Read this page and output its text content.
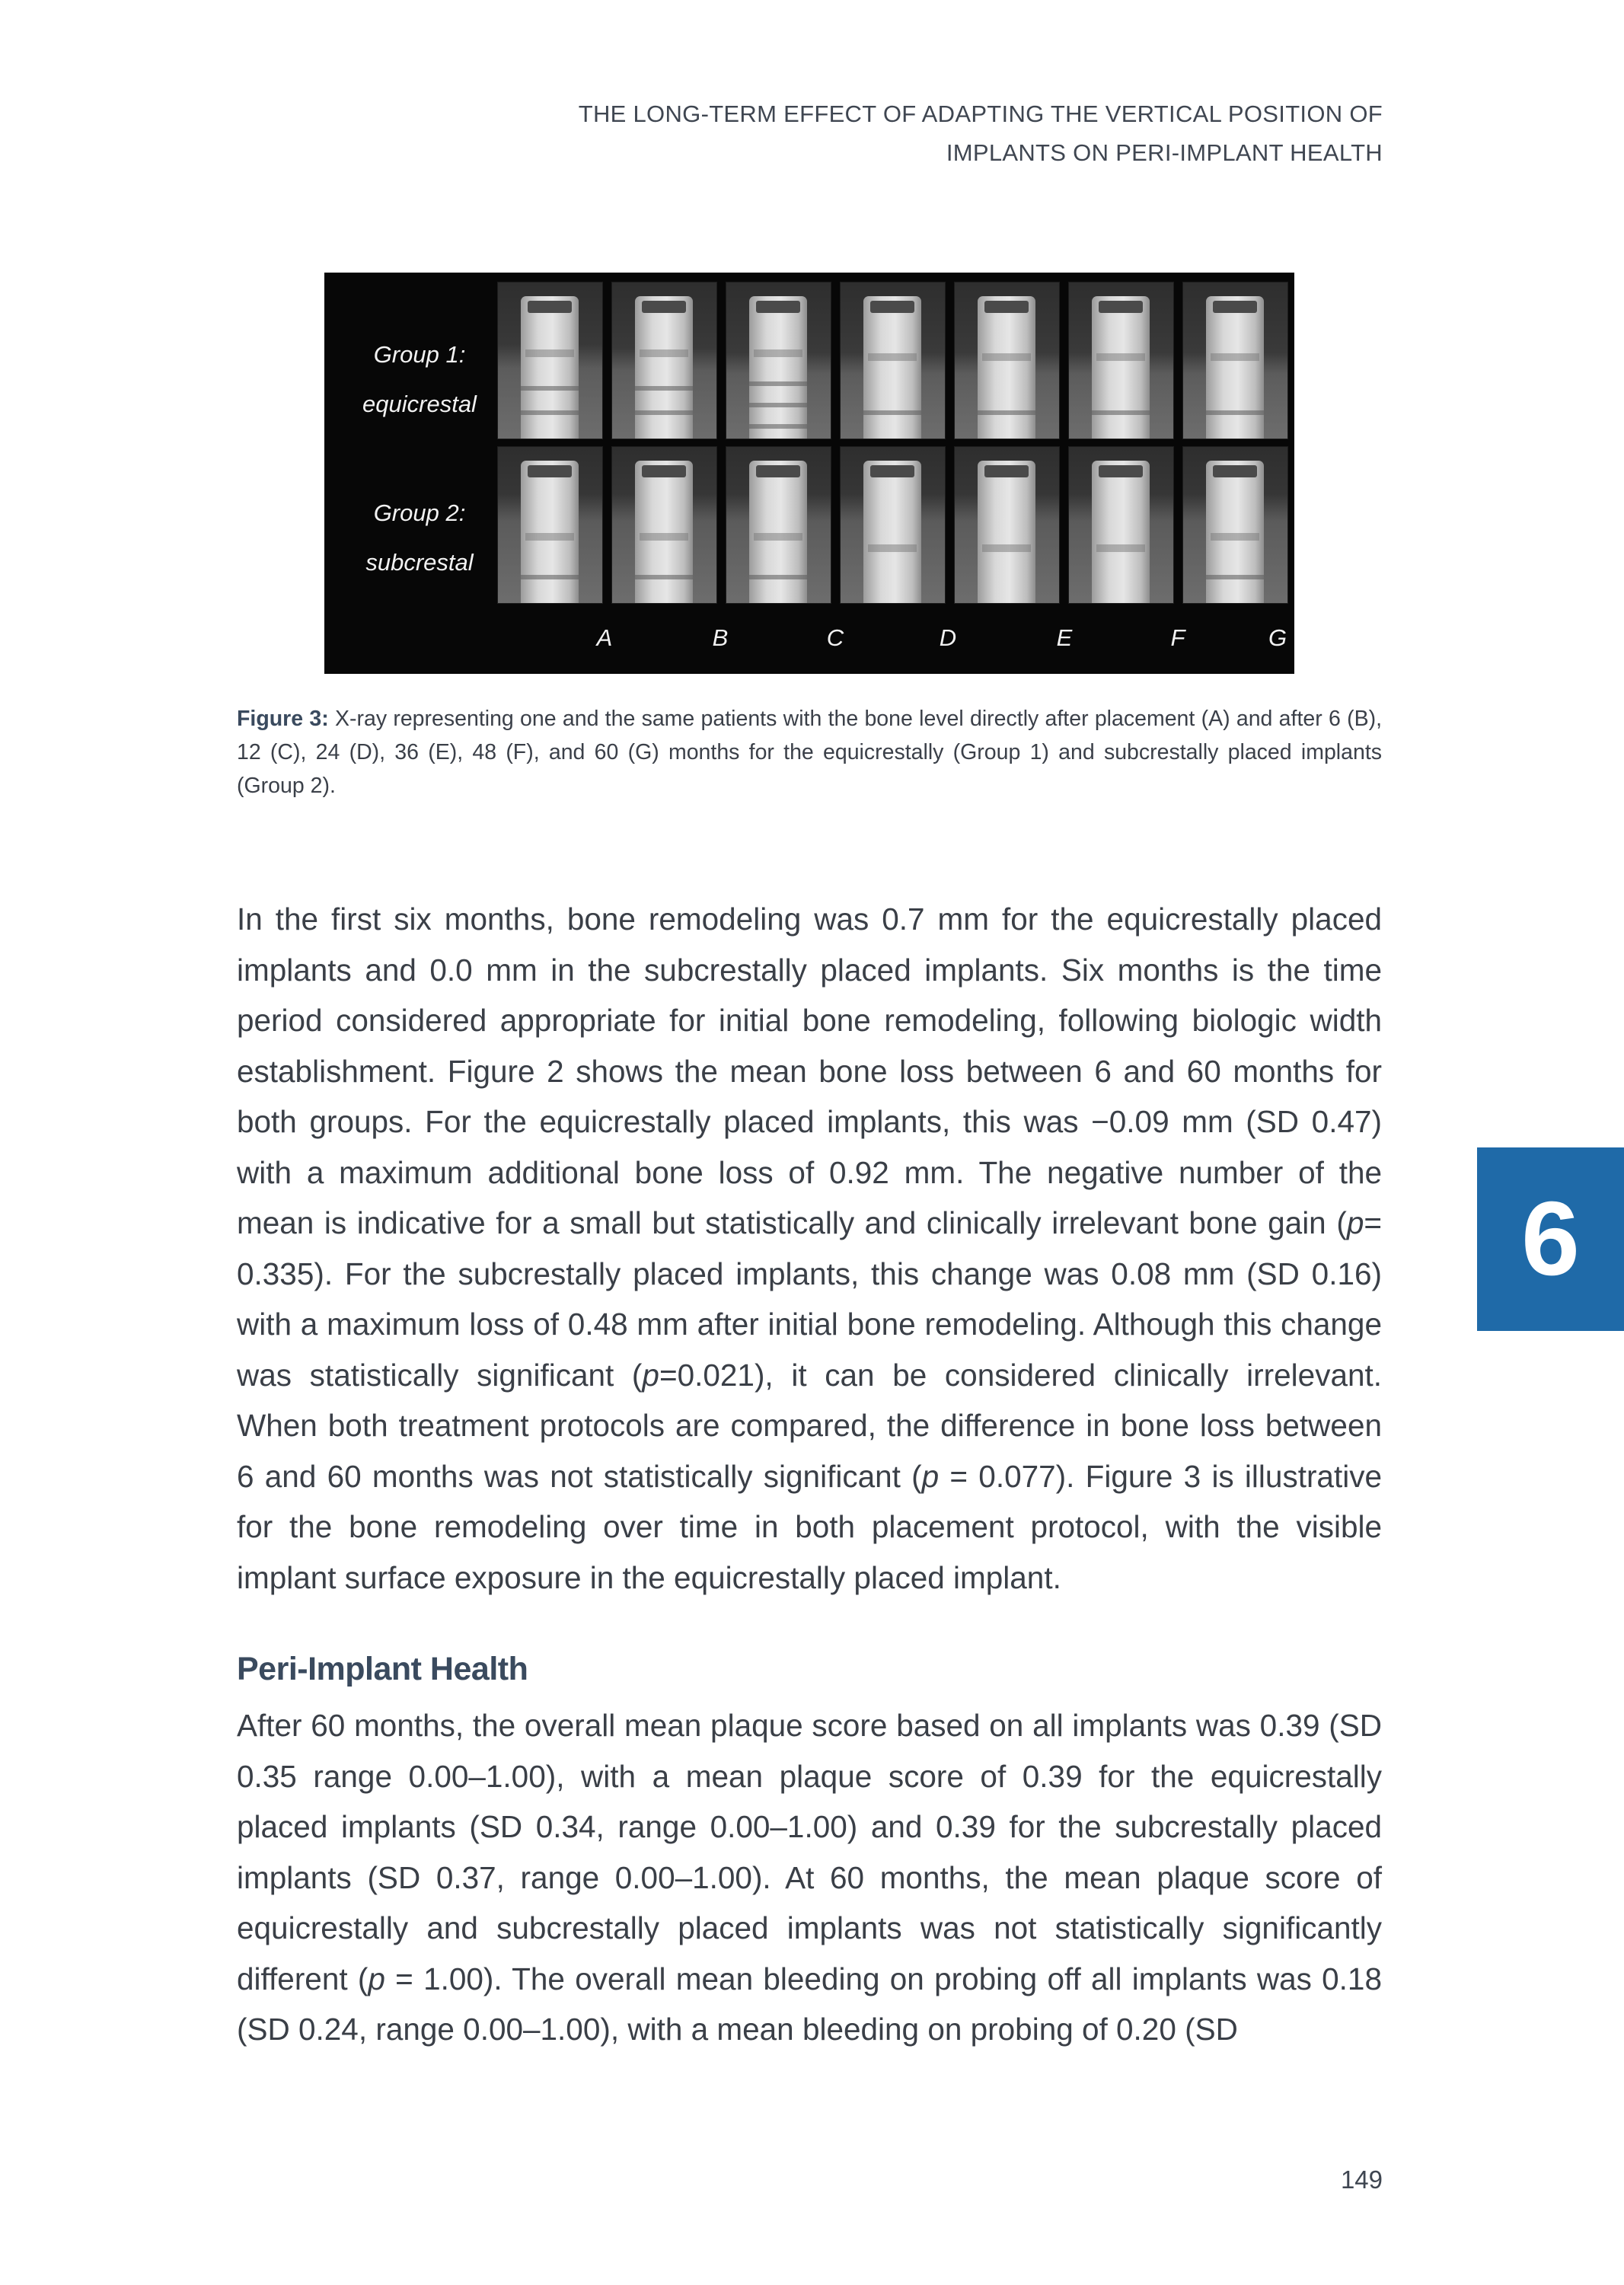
THE LONG-TERM EFFECT OF ADAPTING THE VERTICAL POSITION OF
IMPLANTS ON PERI-IMPLANT HEALTH
Group 1:
equicrestal
Group 2:
subcrestal
A	B	C	D	E	F	G
Figure 3: X-ray representing one and the same patients with the bone level directly after placement (A) and after 6 (B), 12 (C), 24 (D), 36 (E), 48 (F), and 60 (G) months for the equicrestally (Group 1) and subcrestally placed implants (Group 2).
In the first six months, bone remodeling was 0.7 mm for the equicrestally placed implants and 0.0 mm in the subcrestally placed implants. Six months is the time period considered appropriate for initial bone remodeling, following biologic width establishment. Figure 2 shows the mean bone loss between 6 and 60 months for both groups. For the equicrestally placed implants, this was −0.09 mm (SD 0.47) with a maximum additional bone loss of 0.92 mm. The negative number of the mean is indicative for a small but statistically and clinically irrelevant bone gain (p= 0.335). For the subcrestally placed implants, this change was 0.08 mm (SD 0.16) with a maximum loss of 0.48 mm after initial bone remodeling. Although this change was statistically significant (p=0.021), it can be considered clinically irrelevant. When both treatment protocols are compared, the difference in bone loss between 6 and 60 months was not statistically significant (p = 0.077). Figure 3 is illustrative for the bone remodeling over time in both placement protocol, with the visible implant surface exposure in the equicrestally placed implant.
Peri-Implant Health
After 60 months, the overall mean plaque score based on all implants was 0.39 (SD 0.35 range 0.00–1.00), with a mean plaque score of 0.39 for the equicrestally placed implants (SD 0.34, range 0.00–1.00) and 0.39 for the subcrestally placed implants (SD 0.37, range 0.00–1.00). At 60 months, the mean plaque score of equicrestally and subcrestally placed implants was not statistically significantly different (p = 1.00). The overall mean bleeding on probing off all implants was 0.18 (SD 0.24, range 0.00–1.00), with a mean bleeding on probing of 0.20 (SD
6
149
